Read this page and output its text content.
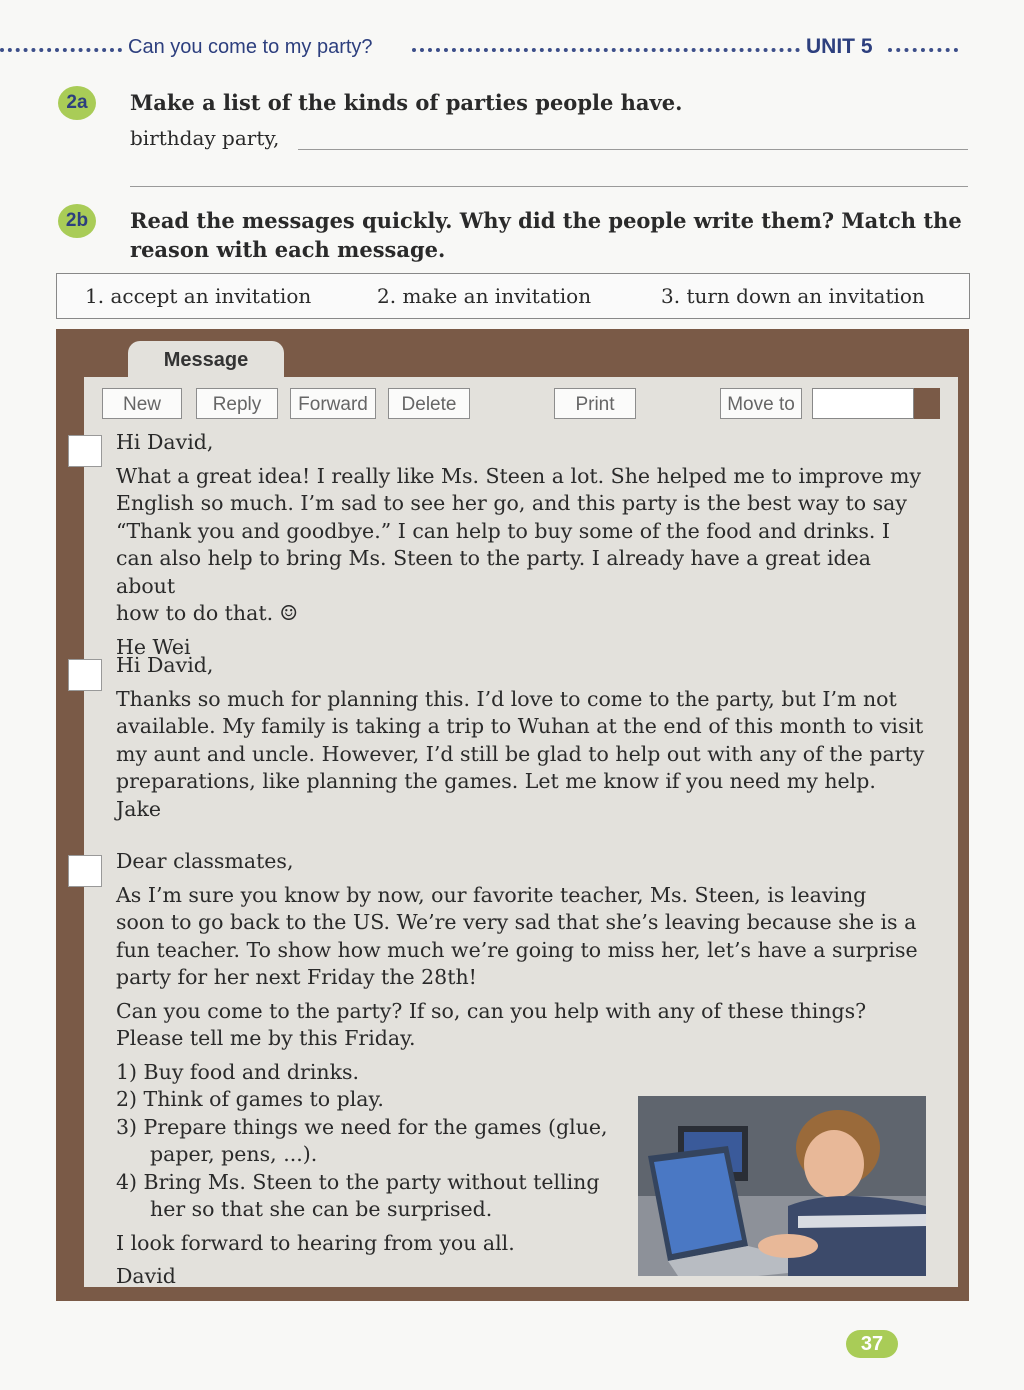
Can you come to my party?	UNIT 5
2a	Make a list of the kinds of parties people have.
birthday party,
2b	Read the messages quickly. Why did the people write them? Match the
reason with each message.
1. accept an invitation	2. make an invitation	3. turn down an invitation
Message
New	Reply	Forward	Delete	Print	Move to

Hi David,

What a great idea! I really like Ms. Steen a lot. She helped me to improve my

English so much. I’m sad to see her go, and this party is the best way to say

“Thank you and goodbye.” I can help to buy some of the food and drinks. I

can also help to bring Ms. Steen to the party. I already have a great idea about

how to do that. ☺

He Wei

Hi David,

Thanks so much for planning this. I’d love to come to the party, but I’m not

available. My family is taking a trip to Wuhan at the end of this month to visit

my aunt and uncle. However, I’d still be glad to help out with any of the party

preparations, like planning the games. Let me know if you need my help.

Jake

Dear classmates,

As I’m sure you know by now, our favorite teacher, Ms. Steen, is leaving

soon to go back to the US. We’re very sad that she’s leaving because she is a

fun teacher. To show how much we’re going to miss her, let’s have a surprise

party for her next Friday the 28th!

Can you come to the party? If so, can you help with any of these things?

Please tell me by this Friday.

1) Buy food and drinks.

2) Think of games to play.

3) Prepare things we need for the games (glue, paper, pens, ...).

4) Bring Ms. Steen to the party without telling her so that she can be surprised.

I look forward to hearing from you all.

David

37
